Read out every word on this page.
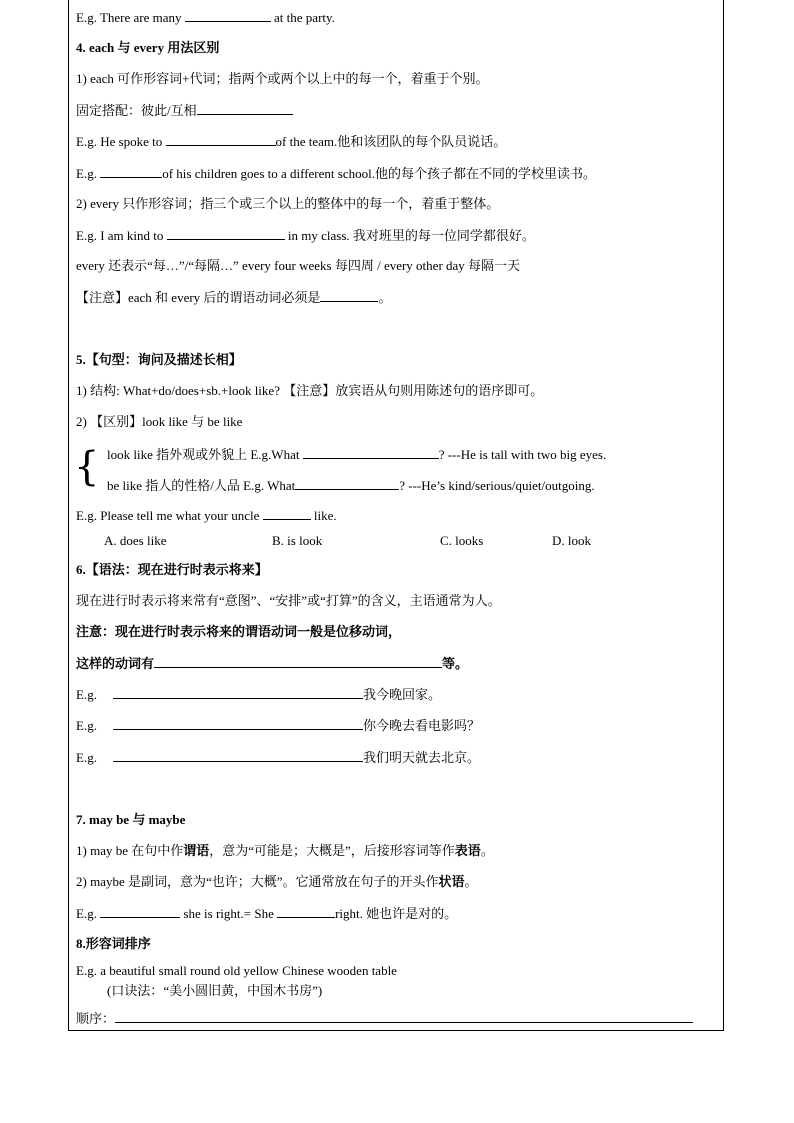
E.g. There are many	at the party.
4. each 与 every 用法区别
1) each 可作形容词+代词；指两个或两个以上中的每一个，着重于个别。
固定搭配：彼此/互相
E.g. He spoke to	of the team.他和该团队的每个队员说话。
E.g.	of his children goes to a different school.他的每个孩子都在不同的学校里读书。
2) every 只作形容词；指三个或三个以上的整体中的每一个，着重于整体。
E.g. I am kind to	in my class. 我对班里的每一位同学都很好。
every 还表示“每…”/“每隔…” every four weeks 每四周 / every other day 每隔一天
【注意】each 和 every 后的谓语动词必须是	。
5.【句型：询问及描述长相】
1) 结构: What+do/does+sb.+look like? 【注意】放宾语从句则用陈述句的语序即可。
2) 【区别】look like 与 be like
{ look like 指外观或外貌上 E.g.What	? ---He is tall with two big eyes.
be like 指人的性格/人品 E.g. What	? ---He’s kind/serious/quiet/outgoing.
E.g. Please tell me what your uncle	like.
A. does like	B. is look	C. looks	D. look
6.【语法：现在进行时表示将来】
现在进行时表示将来常有“意图”、“安排”或“打算”的含义，主语通常为人。
注意：现在进行时表示将来的谓语动词一般是位移动词，
这样的动词有	等。
E.g.	我今晚回家。
E.g.	你今晚去看电影吗？
E.g.	我们明天就去北京。
7. may be 与 maybe
1) may be 在句中作谓语，意为“可能是；大概是”，后接形容词等作表语。
2) maybe 是副词，意为“也许；大概”。它通常放在句子的开头作状语。
E.g.	she is right.= She	right. 她也许是对的。
8.形容词排序
E.g. a beautiful small round old yellow Chinese wooden table
(口诀法：“美小圆旧黄，中国木书房”)
顺序：
